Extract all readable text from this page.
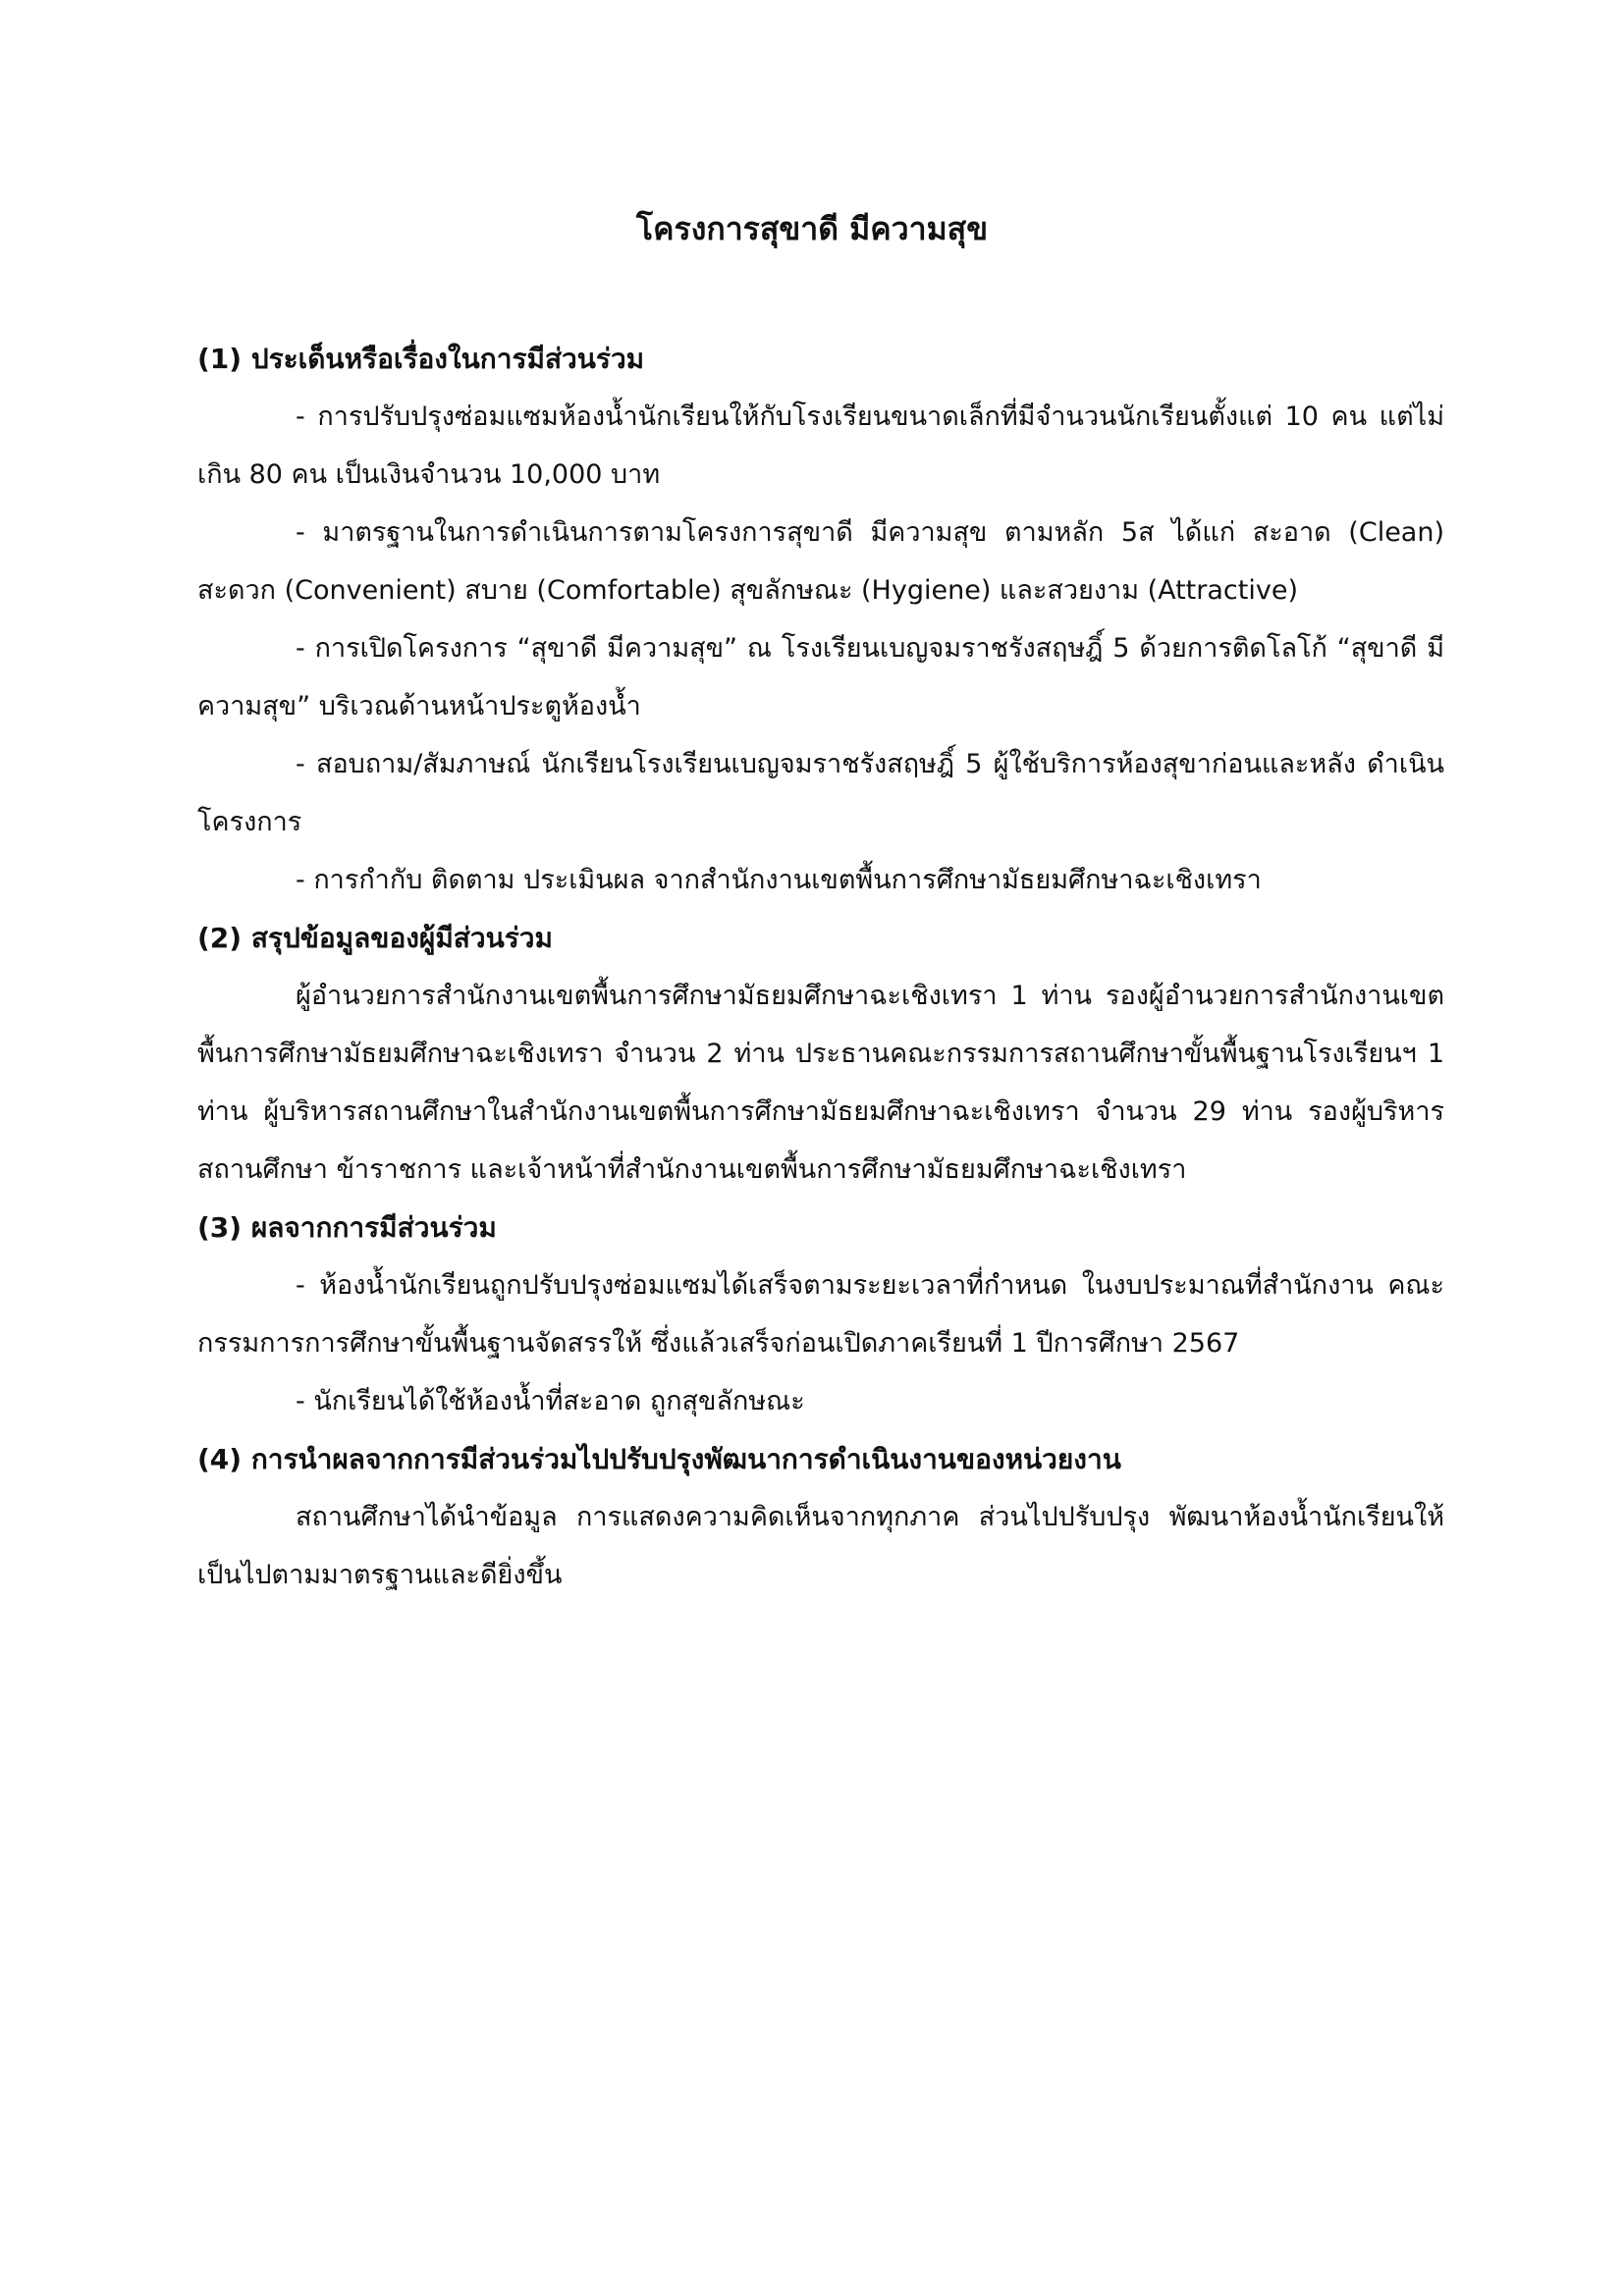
โครงการสุขาดี มีความสุข

(1) ประเด็นหรือเรื่องในการมีส่วนร่วม

- การปรับปรุงซ่อมแซมห้องน้ำนักเรียนให้กับโรงเรียนขนาดเล็กที่มีจำนวนนักเรียนตั้งแต่ 10 คน แต่ไม่เกิน 80 คน เป็นเงินจำนวน 10,000 บาท

- มาตรฐานในการดำเนินการตามโครงการสุขาดี มีความสุข ตามหลัก 5ส ได้แก่ สะอาด (Clean) สะดวก (Convenient) สบาย (Comfortable) สุขลักษณะ (Hygiene) และสวยงาม (Attractive)

- การเปิดโครงการ “สุขาดี มีความสุข” ณ โรงเรียนเบญจมราชรังสฤษฎิ์ 5 ด้วยการติดโลโก้ “สุขาดี มีความสุข” บริเวณด้านหน้าประตูห้องน้ำ

- สอบถาม/สัมภาษณ์ นักเรียนโรงเรียนเบญจมราชรังสฤษฎิ์ 5 ผู้ใช้บริการห้องสุขาก่อนและหลัง ดำเนินโครงการ

- การกำกับ ติดตาม ประเมินผล จากสำนักงานเขตพื้นการศึกษามัธยมศึกษาฉะเชิงเทรา

(2) สรุปข้อมูลของผู้มีส่วนร่วม

ผู้อำนวยการสำนักงานเขตพื้นการศึกษามัธยมศึกษาฉะเชิงเทรา 1 ท่าน รองผู้อำนวยการสำนักงานเขต พื้นการศึกษามัธยมศึกษาฉะเชิงเทรา จำนวน 2 ท่าน ประธานคณะกรรมการสถานศึกษาขั้นพื้นฐานโรงเรียนฯ 1 ท่าน ผู้บริหารสถานศึกษาในสำนักงานเขตพื้นการศึกษามัธยมศึกษาฉะเชิงเทรา จำนวน 29 ท่าน รองผู้บริหารสถานศึกษา ข้าราชการ และเจ้าหน้าที่สำนักงานเขตพื้นการศึกษามัธยมศึกษาฉะเชิงเทรา

(3) ผลจากการมีส่วนร่วม

- ห้องน้ำนักเรียนถูกปรับปรุงซ่อมแซมได้เสร็จตามระยะเวลาที่กำหนด ในงบประมาณที่สำนักงาน คณะกรรมการการศึกษาขั้นพื้นฐานจัดสรรให้ ซึ่งแล้วเสร็จก่อนเปิดภาคเรียนที่ 1 ปีการศึกษา 2567

- นักเรียนได้ใช้ห้องน้ำที่สะอาด ถูกสุขลักษณะ

(4) การนำผลจากการมีส่วนร่วมไปปรับปรุงพัฒนาการดำเนินงานของหน่วยงาน

สถานศึกษาได้นำข้อมูล การแสดงความคิดเห็นจากทุกภาค ส่วนไปปรับปรุง พัฒนาห้องน้ำนักเรียนให้ เป็นไปตามมาตรฐานและดียิ่งขึ้น
